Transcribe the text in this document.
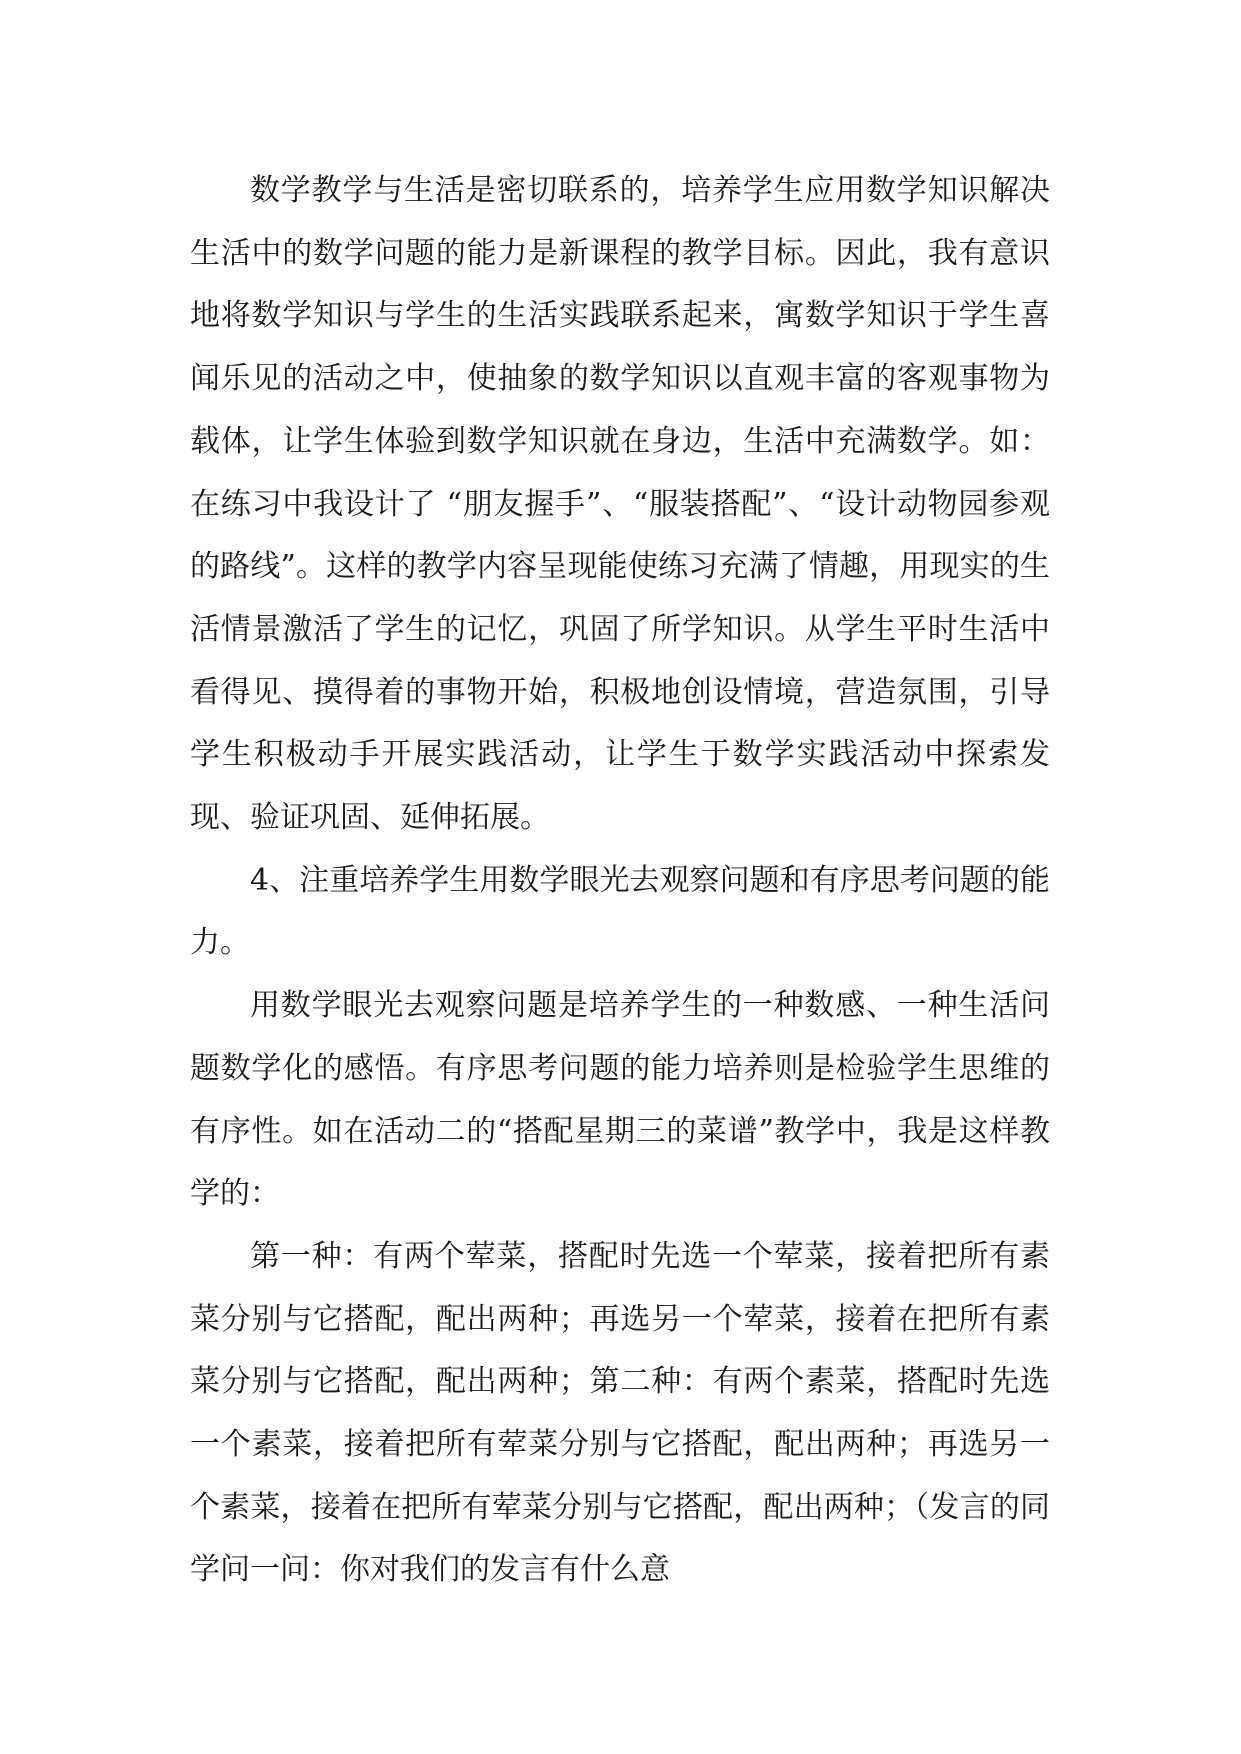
数学教学与生活是密切联系的，培养学生应用数学知识解决生活中的数学问题的能力是新课程的教学目标。因此，我有意识地将数学知识与学生的生活实践联系起来，寓数学知识于学生喜闻乐见的活动之中，使抽象的数学知识以直观丰富的客观事物为载体，让学生体验到数学知识就在身边，生活中充满数学。如：在练习中我设计了 “朋友握手”、“服装搭配”、“设计动物园参观的路线”。这样的教学内容呈现能使练习充满了情趣，用现实的生活情景激活了学生的记忆，巩固了所学知识。从学生平时生活中看得见、摸得着的事物开始，积极地创设情境，营造氛围，引导学生积极动手开展实践活动，让学生于数学实践活动中探索发现、验证巩固、延伸拓展。

4、注重培养学生用数学眼光去观察问题和有序思考问题的能力。

用数学眼光去观察问题是培养学生的一种数感、一种生活问题数学化的感悟。有序思考问题的能力培养则是检验学生思维的有序性。如在活动二的“搭配星期三的菜谱”教学中，我是这样教学的：

第一种：有两个荤菜，搭配时先选一个荤菜，接着把所有素菜分别与它搭配，配出两种；再选另一个荤菜，接着在把所有素菜分别与它搭配，配出两种；第二种：有两个素菜，搭配时先选一个素菜，接着把所有荤菜分别与它搭配，配出两种；再选另一个素菜，接着在把所有荤菜分别与它搭配，配出两种；（发言的同学问一问：你对我们的发言有什么意
